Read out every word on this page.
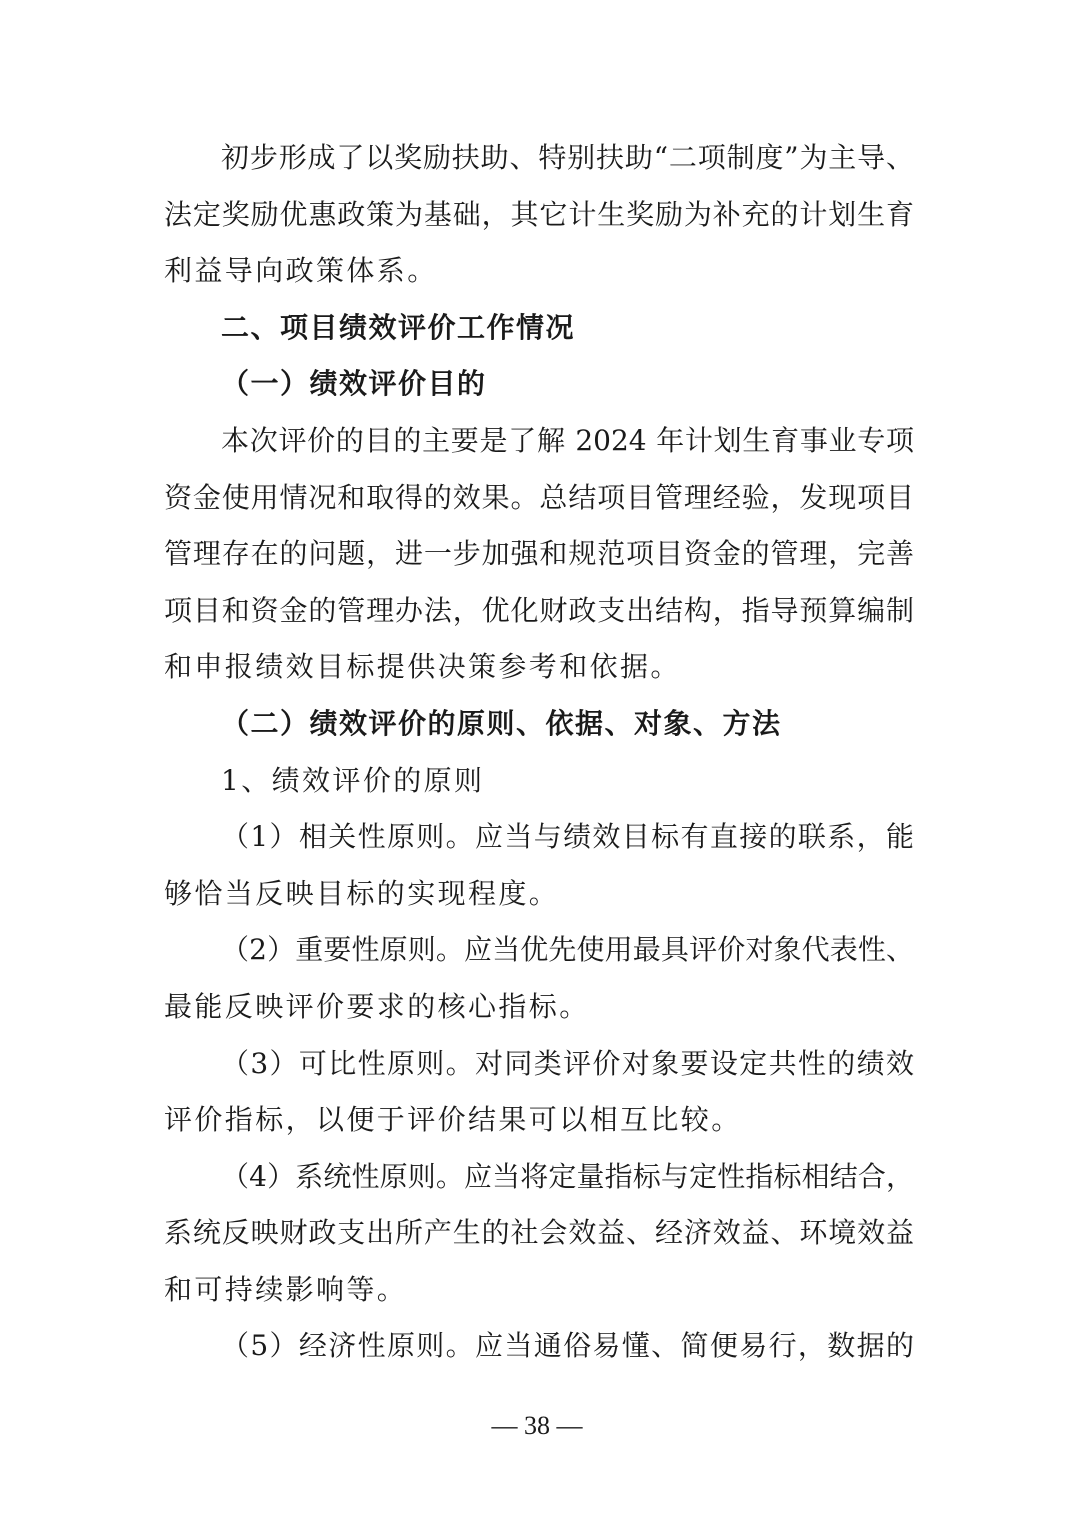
初步形成了以奖励扶助、特别扶助“二项制度”为主导、
法定奖励优惠政策为基础，其它计生奖励为补充的计划生育
利益导向政策体系。
二、项目绩效评价工作情况
（一）绩效评价目的
本次评价的目的主要是了解 2024 年计划生育事业专项
资金使用情况和取得的效果。总结项目管理经验，发现项目
管理存在的问题，进一步加强和规范项目资金的管理，完善
项目和资金的管理办法，优化财政支出结构，指导预算编制
和申报绩效目标提供决策参考和依据。
（二）绩效评价的原则、依据、对象、方法
1、绩效评价的原则
（1）相关性原则。应当与绩效目标有直接的联系，能
够恰当反映目标的实现程度。
（2）重要性原则。应当优先使用最具评价对象代表性、
最能反映评价要求的核心指标。
（3）可比性原则。对同类评价对象要设定共性的绩效
评价指标，以便于评价结果可以相互比较。
（4）系统性原则。应当将定量指标与定性指标相结合，
系统反映财政支出所产生的社会效益、经济效益、环境效益
和可持续影响等。
（5）经济性原则。应当通俗易懂、简便易行，数据的
— 38 —
